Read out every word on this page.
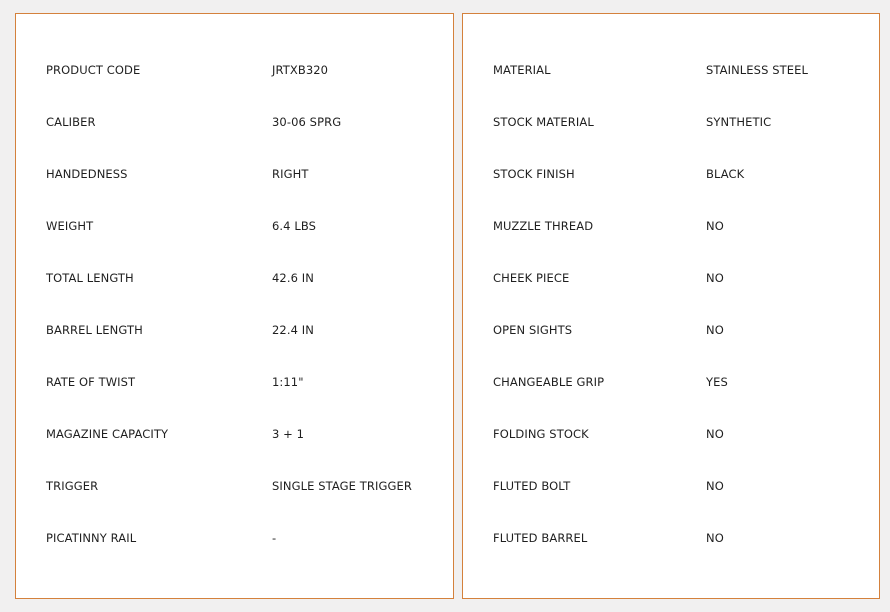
PRODUCT CODE	JRTXB320
CALIBER	30-06 SPRG
HANDEDNESS	RIGHT
WEIGHT	6.4 LBS
TOTAL LENGTH	42.6 IN
BARREL LENGTH	22.4 IN
RATE OF TWIST	1:11"
MAGAZINE CAPACITY	3 + 1
TRIGGER	SINGLE STAGE TRIGGER
PICATINNY RAIL	-
MATERIAL	STAINLESS STEEL
STOCK MATERIAL	SYNTHETIC
STOCK FINISH	BLACK
MUZZLE THREAD	NO
CHEEK PIECE	NO
OPEN SIGHTS	NO
CHANGEABLE GRIP	YES
FOLDING STOCK	NO
FLUTED BOLT	NO
FLUTED BARREL	NO
